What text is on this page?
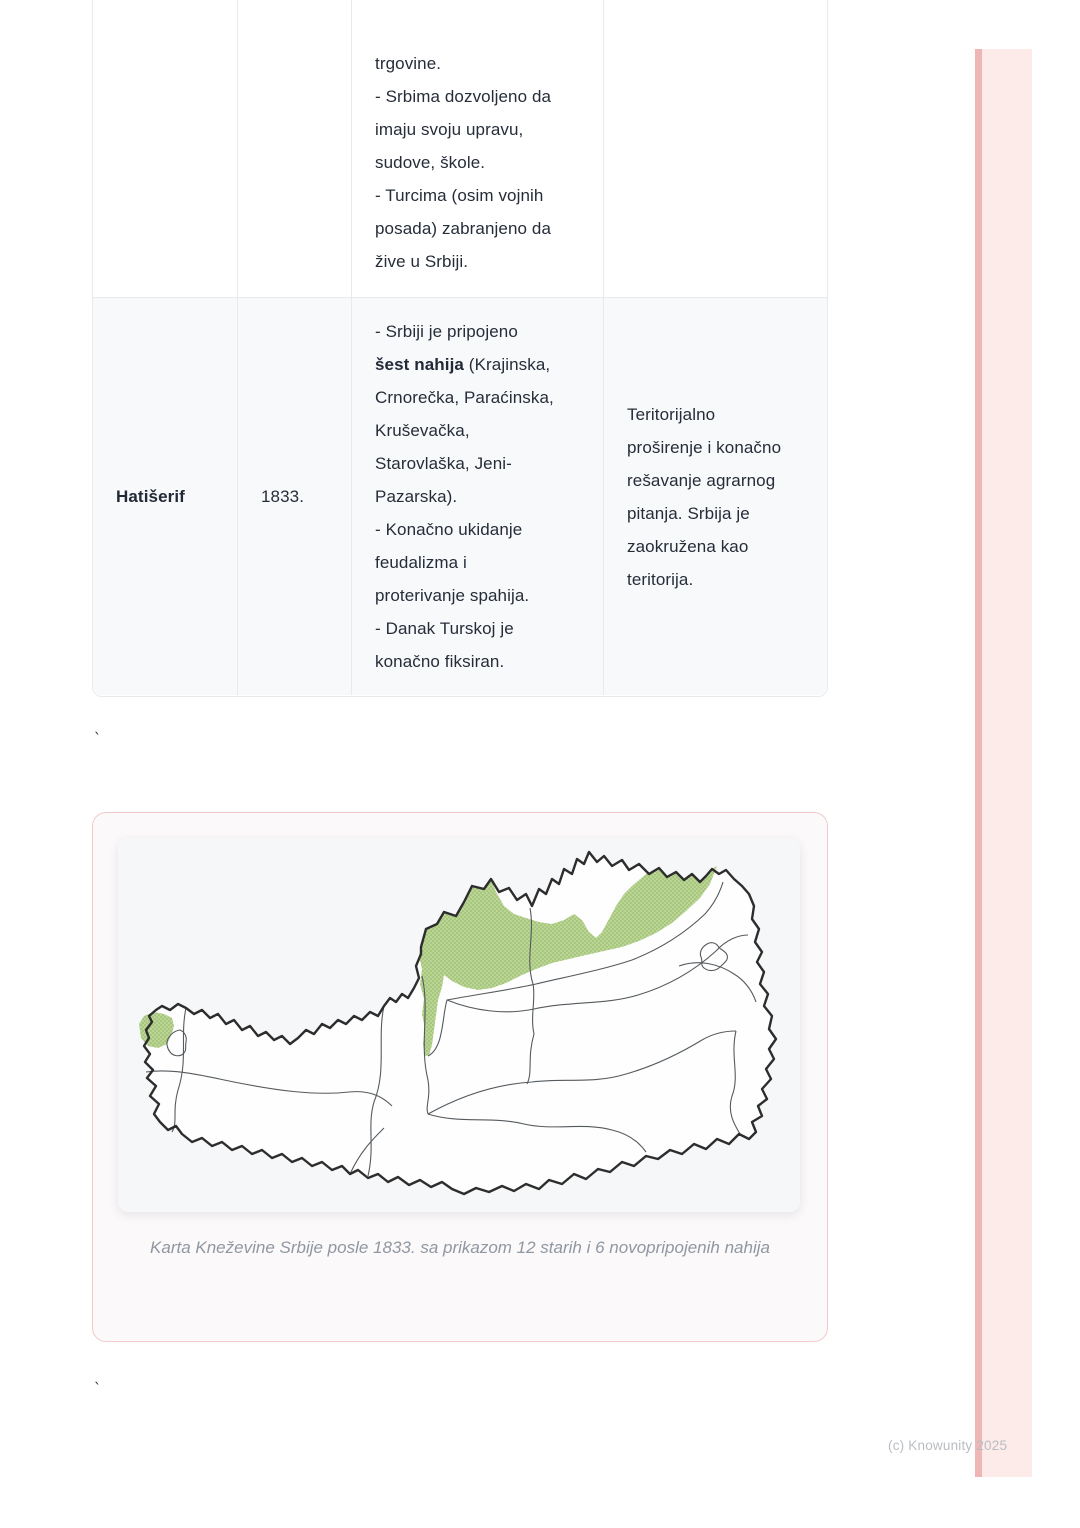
trgovine.
- Srbima dozvoljeno da
imaju svoju upravu,
sudove, škole.
- Turcima (osim vojnih
posada) zabranjeno da
žive u Srbiji.
Hatišerif	1833.
- Srbiji je pripojeno
šest nahija (Krajinska,
Crnorečka, Paraćinska,
Kruševačka,
Starovlaška, Jeni-
Pazarska).
- Konačno ukidanje
feudalizma i
proterivanje spahija.
- Danak Turskoj je
konačno fiksiran.
Teritorijalno
proširenje i konačno
rešavanje agrarnog
pitanja. Srbija je
zaokružena kao
teritorija.
`
`
Karta Kneževine Srbije posle 1833. sa prikazom 12 starih i 6 novopripojenih nahija
(c) Knowunity 2025
